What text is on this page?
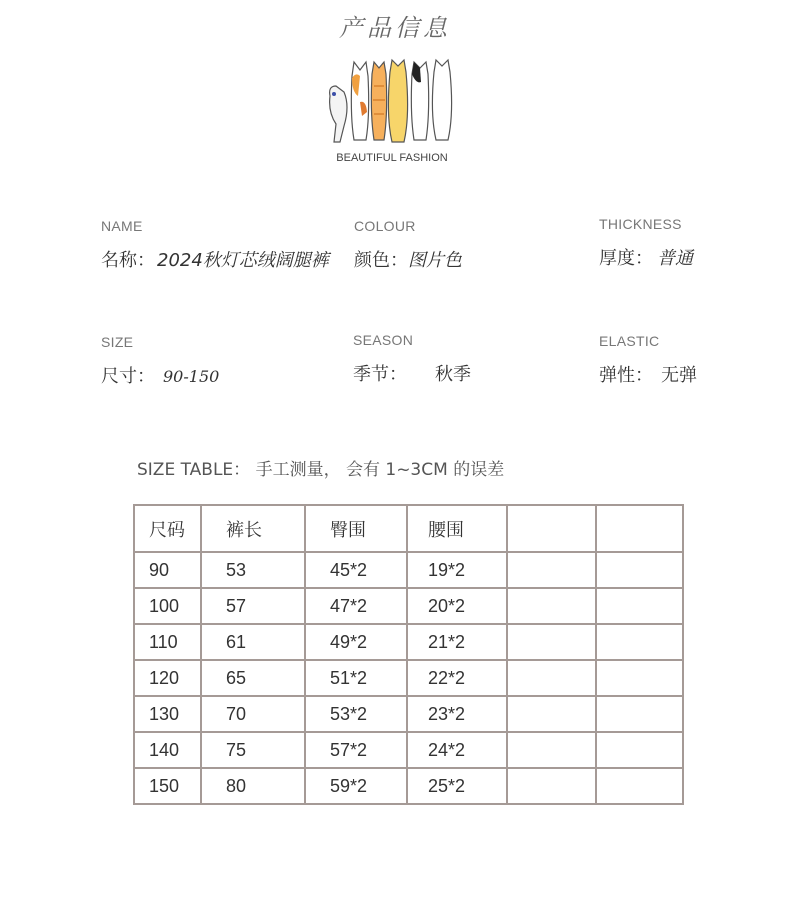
产品信息
BEAUTIFUL FASHION
NAME
名称： 2024秋灯芯绒阔腿裤
COLOUR
颜色：图片色
THICKNESS
厚度： 普通
SIZE
尺寸： 90-150
SEASON
季节： 秋季
ELASTIC
弹性： 无弹
SIZE TABLE： 手工测量， 会有 1~3CM 的误差
尺码	裤长	臀围	腰围		
90	53	45*2	19*2		
100	57	47*2	20*2		
110	61	49*2	21*2		
120	65	51*2	22*2		
130	70	53*2	23*2		
140	75	57*2	24*2		
150	80	59*2	25*2		
